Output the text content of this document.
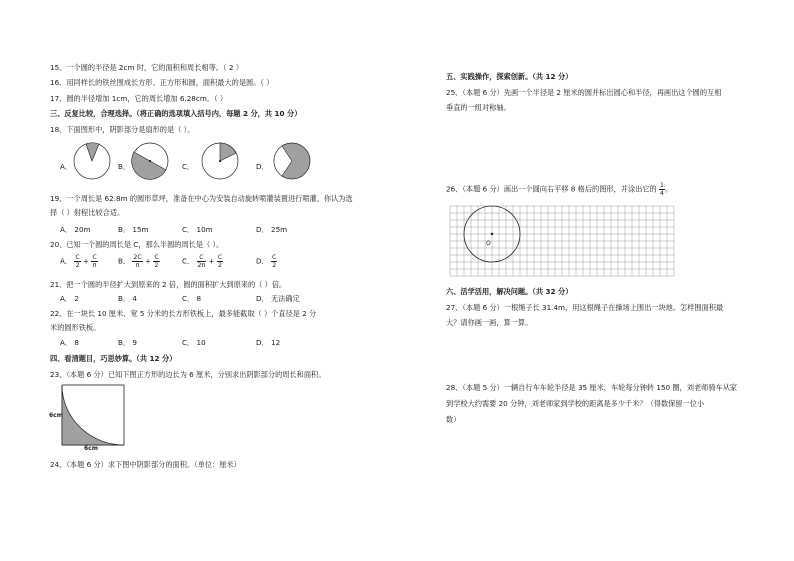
15、一个圆的半径是 2cm 时，它的面积和周长相等。（ 2 ）
16、用同样长的铁丝围成长方形、正方形和圆，面积最大的是圆。（ ）
17、圆的半径增加 1cm，它的周长增加 6.28cm。（ ）
三、反复比较，合理选择。（将正确的选项填入括号内，每题 2 分，共 10 分）
18、下面图形中，阴影部分是扇形的是（ ）。
A．	B．	C．	D．
19、一个周长是 62.8m 的圆形草坪，准备在中心为安装自动旋转喷灌装置进行喷灌，你认为选
择（ ）射程比较合适。
A． 20m	B． 15m	C． 10m	D． 25m
20、已知一个圆的周长是 C，那么半圆的周长是（ ）。
A． $\frac{C}{2} + \frac{C}{\pi}$	B． $\frac{2C}{\pi} + \frac{C}{2}$	C． $\frac{C}{2\pi} + \frac{C}{2}$	D． $\frac{C}{2}$
21、把一个圆的半径扩大到原来的 2 倍，圆的面积扩大到原来的（ ）倍。
A． 2	B． 4	C． 8	D． 无法确定
22、在一块长 10 厘米、宽 5 分米的长方形铁板上，最多能截取（ ）个直径是 2 分
米的圆形铁板。
A． 8	B． 9	C． 10	D． 12
四、看清题目，巧思妙算。（共 12 分）
23、（本题 6 分）已知下图正方形的边长为 6 厘米，分别求出阴影部分的周长和面积。
6cm
6cm
24、（本题 6 分）求下图中阴影部分的面积。（单位：厘米）
五、实践操作，探索创新。（共 12 分）
25、（本题 6 分）先画一个半径是 2 厘米的圆并标出圆心和半径，再画出这个圆的互相
垂直的一组对称轴。
26、（本题 6 分）画出一个圆向右平移 8 格后的图形，并涂出它的 $\frac{1}{4}$ 。
O
六、活学活用，解决问题。（共 32 分）
27、（本题 6 分）一根绳子长 31.4m，用这根绳子在操场上围出一块地。怎样围面积最
大？请你画一画，算一算。
28、（本题 5 分）一辆自行车车轮半径是 35 厘米，车轮每分钟转 150 圈，刘老师骑车从家
到学校大约需要 20 分钟，刘老师家到学校的距离是多少千米？（得数保留一位小
数）
